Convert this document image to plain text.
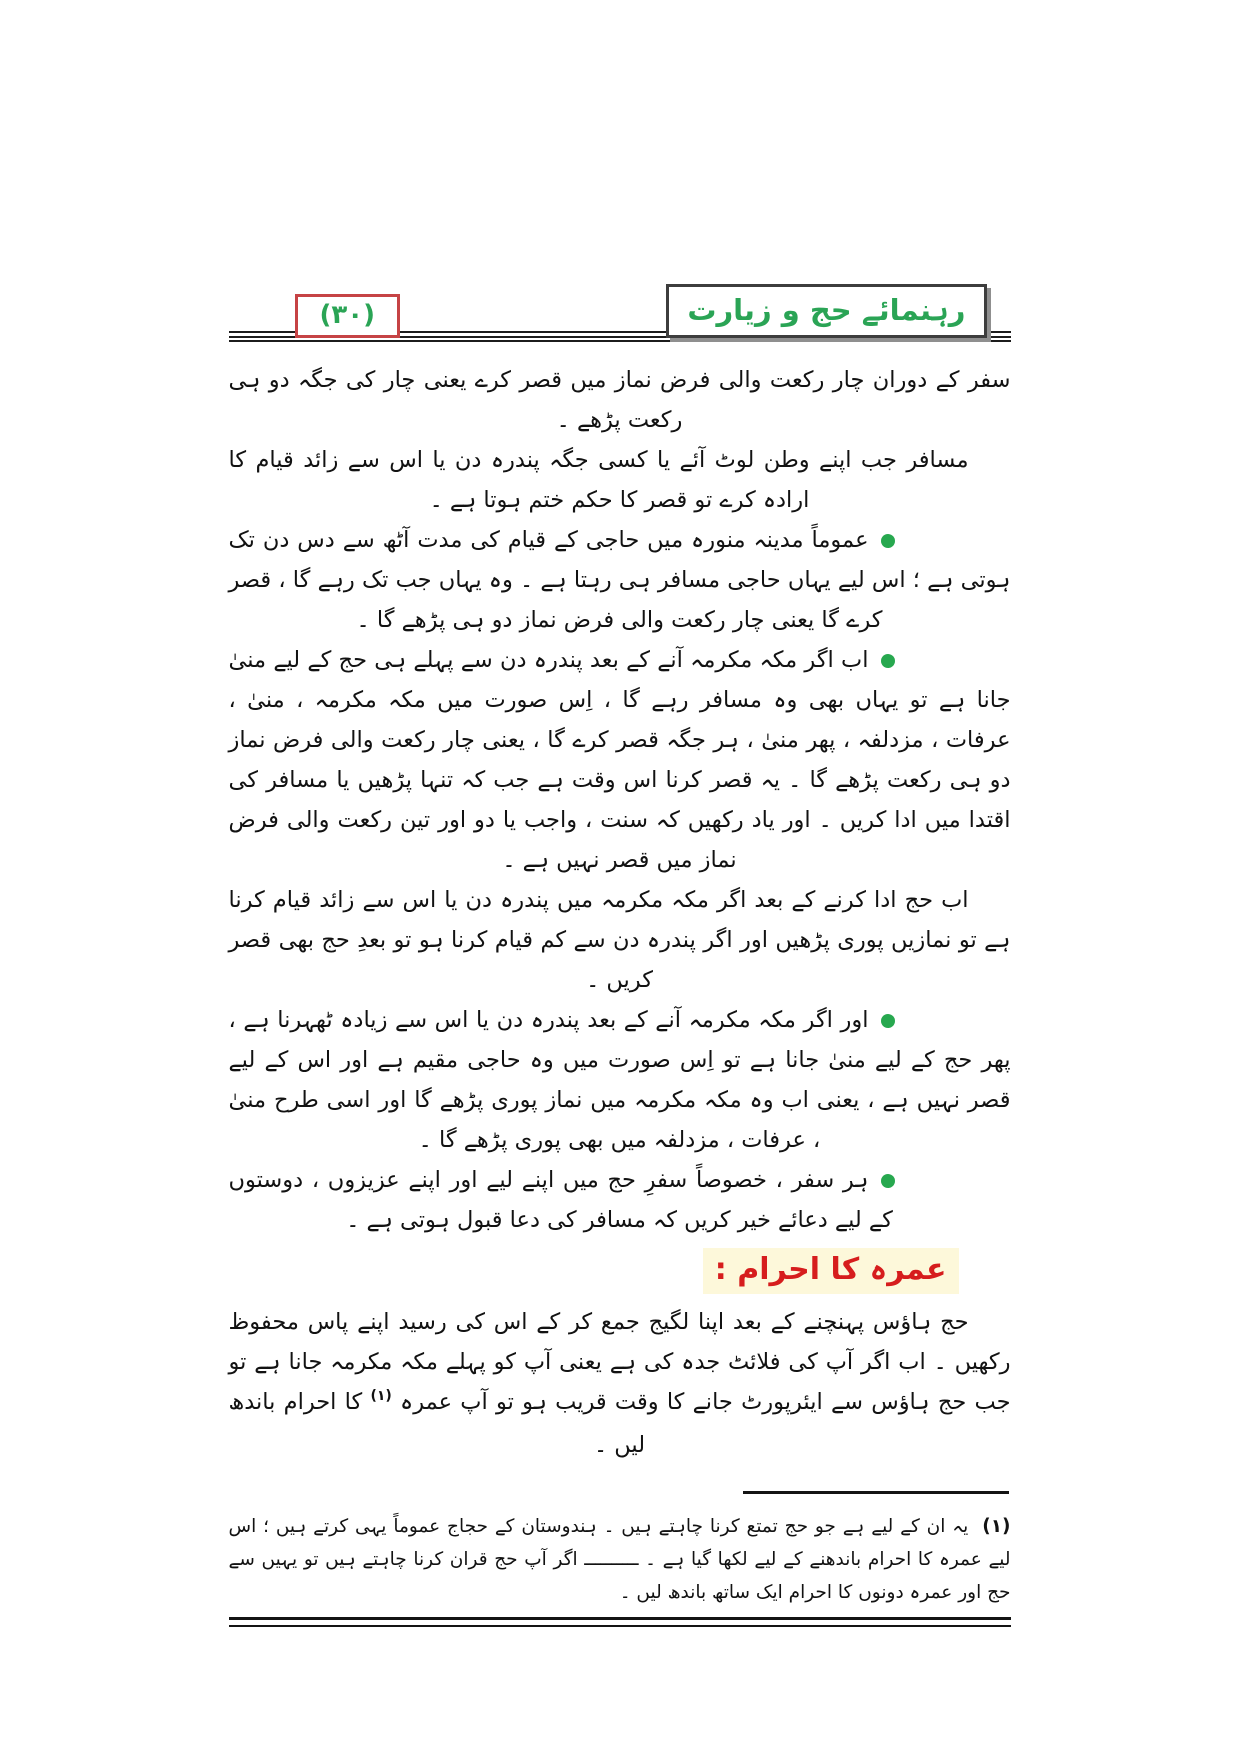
رہنمائے حج و زیارت
(۳۰)

سفر کے دوران چار رکعت والی فرض نماز میں قصر کرے یعنی چار کی جگہ دو ہی رکعت پڑھے ۔

مسافر جب اپنے وطن لوٹ آئے یا کسی جگہ پندرہ دن یا اس سے زائد قیام کا ارادہ کرے تو قصر کا حکم ختم ہوتا ہے ۔

عموماً مدینہ منورہ میں حاجی کے قیام کی مدت آٹھ سے دس دن تک ہوتی ہے ؛ اس لیے یہاں حاجی مسافر ہی رہتا ہے ۔ وہ یہاں جب تک رہے گا ، قصر کرے گا یعنی چار رکعت والی فرض نماز دو ہی پڑھے گا ۔

اب اگر مکہ مکرمہ آنے کے بعد پندرہ دن سے پہلے ہی حج کے لیے منیٰ جانا ہے تو یہاں بھی وہ مسافر رہے گا ، اِس صورت میں مکہ مکرمہ ، منیٰ ، عرفات ، مزدلفہ ، پھر منیٰ ، ہر جگہ قصر کرے گا ، یعنی چار رکعت والی فرض نماز دو ہی رکعت پڑھے گا ۔ یہ قصر کرنا اس وقت ہے جب کہ تنہا پڑھیں یا مسافر کی اقتدا میں ادا کریں ۔ اور یاد رکھیں کہ سنت ، واجب یا دو اور تین رکعت والی فرض نماز میں قصر نہیں ہے ۔

اب حج ادا کرنے کے بعد اگر مکہ مکرمہ میں پندرہ دن یا اس سے زائد قیام کرنا ہے تو نمازیں پوری پڑھیں اور اگر پندرہ دن سے کم قیام کرنا ہو تو بعدِ حج بھی قصر کریں ۔

اور اگر مکہ مکرمہ آنے کے بعد پندرہ دن یا اس سے زیادہ ٹھہرنا ہے ، پھر حج کے لیے منیٰ جانا ہے تو اِس صورت میں وہ حاجی مقیم ہے اور اس کے لیے قصر نہیں ہے ، یعنی اب وہ مکہ مکرمہ میں نماز پوری پڑھے گا اور اسی طرح منیٰ ، عرفات ، مزدلفہ میں بھی پوری پڑھے گا ۔

ہر سفر ، خصوصاً سفرِ حج میں اپنے لیے اور اپنے عزیزوں ، دوستوں کے لیے دعائے خیر کریں کہ مسافر کی دعا قبول ہوتی ہے ۔

عمرہ کا احرام :

حج ہاؤس پہنچنے کے بعد اپنا لگیج جمع کر کے اس کی رسید اپنے پاس محفوظ رکھیں ۔ اب اگر آپ کی فلائٹ جدہ کی ہے یعنی آپ کو پہلے مکہ مکرمہ جانا ہے تو جب حج ہاؤس سے ایئرپورٹ جانے کا وقت قریب ہو تو آپ عمرہ $^{(۱)}$ کا احرام باندھ لیں ۔

(۱)یہ ان کے لیے ہے جو حج تمتع کرنا چاہتے ہیں ۔ ہندوستان کے حجاج عموماً یہی کرتے ہیں ؛ اس لیے عمرہ کا احرام باندھنے کے لیے لکھا گیا ہے ۔ ــــــــــ اگر آپ حج قران کرنا چاہتے ہیں تو یہیں سے حج اور عمرہ دونوں کا احرام ایک ساتھ باندھ لیں ۔
